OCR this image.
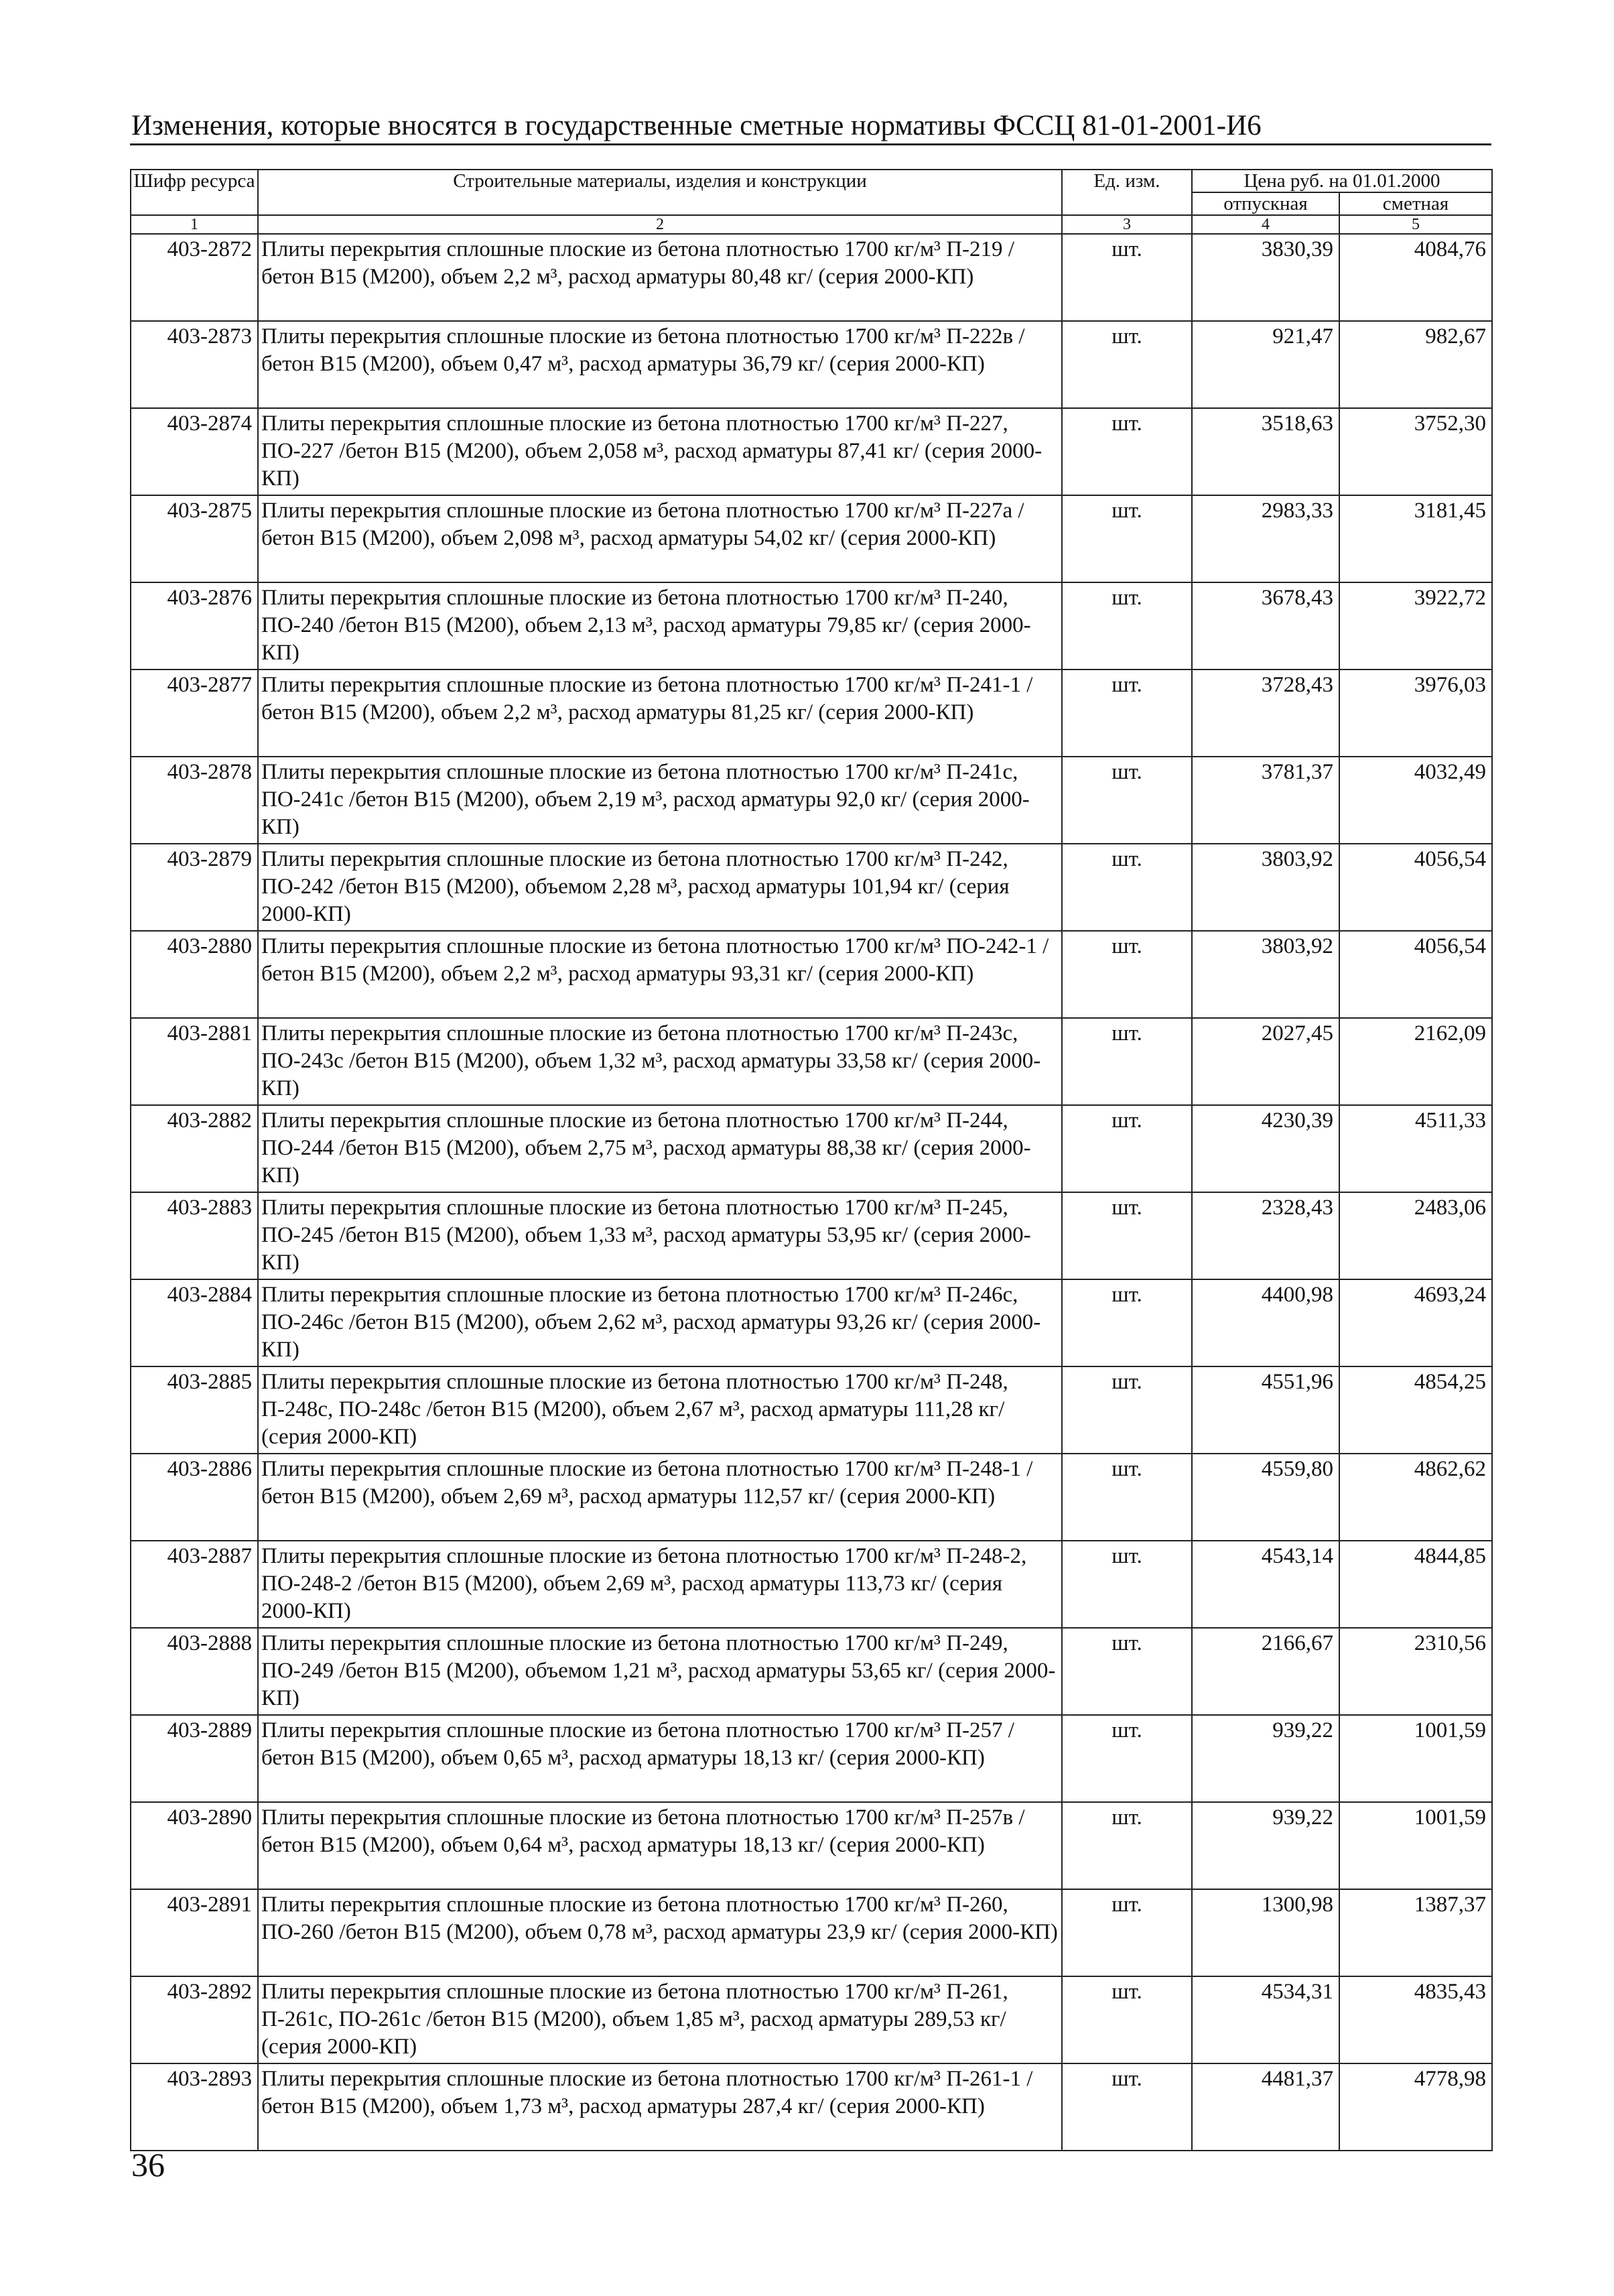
Изменения, которые вносятся в государственные сметные нормативы ФССЦ 81-01-2001-И6
Шифр ресурса	Строительные материалы, изделия и конструкции	Ед. изм.	Цена руб. на 01.01.2000	
			отпускная	сметная
1	2	3	4	5
403-2872	Плиты перекрытия сплошные плоские из бетона плотностью 1700 кг/м³ П-219 /бетон В15 (М200), объем 2,2 м³, расход арматуры 80,48 кг/ (серия 2000-КП)	шт.	3830,39	4084,76
403-2873	Плиты перекрытия сплошные плоские из бетона плотностью 1700 кг/м³ П-222в /бетон В15 (М200), объем 0,47 м³, расход арматуры 36,79 кг/ (серия 2000-КП)	шт.	921,47	982,67
403-2874	Плиты перекрытия сплошные плоские из бетона плотностью 1700 кг/м³ П-227, ПО-227 /бетон В15 (М200), объем 2,058 м³, расход арматуры 87,41 кг/ (серия 2000-КП)	шт.	3518,63	3752,30
403-2875	Плиты перекрытия сплошные плоские из бетона плотностью 1700 кг/м³ П-227а /бетон В15 (М200), объем 2,098 м³, расход арматуры 54,02 кг/ (серия 2000-КП)	шт.	2983,33	3181,45
403-2876	Плиты перекрытия сплошные плоские из бетона плотностью 1700 кг/м³ П-240, ПО-240 /бетон В15 (М200), объем 2,13 м³, расход арматуры 79,85 кг/ (серия 2000-КП)	шт.	3678,43	3922,72
403-2877	Плиты перекрытия сплошные плоские из бетона плотностью 1700 кг/м³ П-241-1 /бетон В15 (М200), объем 2,2 м³, расход арматуры 81,25 кг/ (серия 2000-КП)	шт.	3728,43	3976,03
403-2878	Плиты перекрытия сплошные плоские из бетона плотностью 1700 кг/м³ П-241с, ПО-241с /бетон В15 (М200), объем 2,19 м³, расход арматуры 92,0 кг/ (серия 2000-КП)	шт.	3781,37	4032,49
403-2879	Плиты перекрытия сплошные плоские из бетона плотностью 1700 кг/м³ П-242, ПО-242 /бетон В15 (М200), объемом 2,28 м³, расход арматуры 101,94 кг/ (серия 2000-КП)	шт.	3803,92	4056,54
403-2880	Плиты перекрытия сплошные плоские из бетона плотностью 1700 кг/м³ ПО-242-1 /бетон В15 (М200), объем 2,2 м³, расход арматуры 93,31 кг/ (серия 2000-КП)	шт.	3803,92	4056,54
403-2881	Плиты перекрытия сплошные плоские из бетона плотностью 1700 кг/м³ П-243с, ПО-243с /бетон В15 (М200), объем 1,32 м³, расход арматуры 33,58 кг/ (серия 2000-КП)	шт.	2027,45	2162,09
403-2882	Плиты перекрытия сплошные плоские из бетона плотностью 1700 кг/м³ П-244, ПО-244 /бетон В15 (М200), объем 2,75 м³, расход арматуры 88,38 кг/ (серия 2000-КП)	шт.	4230,39	4511,33
403-2883	Плиты перекрытия сплошные плоские из бетона плотностью 1700 кг/м³ П-245, ПО-245 /бетон В15 (М200), объем 1,33 м³, расход арматуры 53,95 кг/ (серия 2000-КП)	шт.	2328,43	2483,06
403-2884	Плиты перекрытия сплошные плоские из бетона плотностью 1700 кг/м³ П-246с, ПО-246с /бетон В15 (М200), объем 2,62 м³, расход арматуры 93,26 кг/ (серия 2000-КП)	шт.	4400,98	4693,24
403-2885	Плиты перекрытия сплошные плоские из бетона плотностью 1700 кг/м³ П-248, П-248с, ПО-248с /бетон В15 (М200), объем 2,67 м³, расход арматуры 111,28 кг/ (серия 2000-КП)	шт.	4551,96	4854,25
403-2886	Плиты перекрытия сплошные плоские из бетона плотностью 1700 кг/м³ П-248-1 /бетон В15 (М200), объем 2,69 м³, расход арматуры 112,57 кг/ (серия 2000-КП)	шт.	4559,80	4862,62
403-2887	Плиты перекрытия сплошные плоские из бетона плотностью 1700 кг/м³ П-248-2, ПО-248-2 /бетон В15 (М200), объем 2,69 м³, расход арматуры 113,73 кг/ (серия 2000-КП)	шт.	4543,14	4844,85
403-2888	Плиты перекрытия сплошные плоские из бетона плотностью 1700 кг/м³ П-249, ПО-249 /бетон В15 (М200), объемом 1,21 м³, расход арматуры 53,65 кг/ (серия 2000-КП)	шт.	2166,67	2310,56
403-2889	Плиты перекрытия сплошные плоские из бетона плотностью 1700 кг/м³ П-257 /бетон В15 (М200), объем 0,65 м³, расход арматуры 18,13 кг/ (серия 2000-КП)	шт.	939,22	1001,59
403-2890	Плиты перекрытия сплошные плоские из бетона плотностью 1700 кг/м³ П-257в /бетон В15 (М200), объем 0,64 м³, расход арматуры 18,13 кг/ (серия 2000-КП)	шт.	939,22	1001,59
403-2891	Плиты перекрытия сплошные плоские из бетона плотностью 1700 кг/м³ П-260, ПО-260 /бетон В15 (М200), объем 0,78 м³, расход арматуры 23,9 кг/ (серия 2000-КП)	шт.	1300,98	1387,37
403-2892	Плиты перекрытия сплошные плоские из бетона плотностью 1700 кг/м³ П-261, П-261с, ПО-261с /бетон В15 (М200), объем 1,85 м³, расход арматуры 289,53 кг/ (серия 2000-КП)	шт.	4534,31	4835,43
403-2893	Плиты перекрытия сплошные плоские из бетона плотностью 1700 кг/м³ П-261-1 /бетон В15 (М200), объем 1,73 м³, расход арматуры 287,4 кг/ (серия 2000-КП)	шт.	4481,37	4778,98
36
